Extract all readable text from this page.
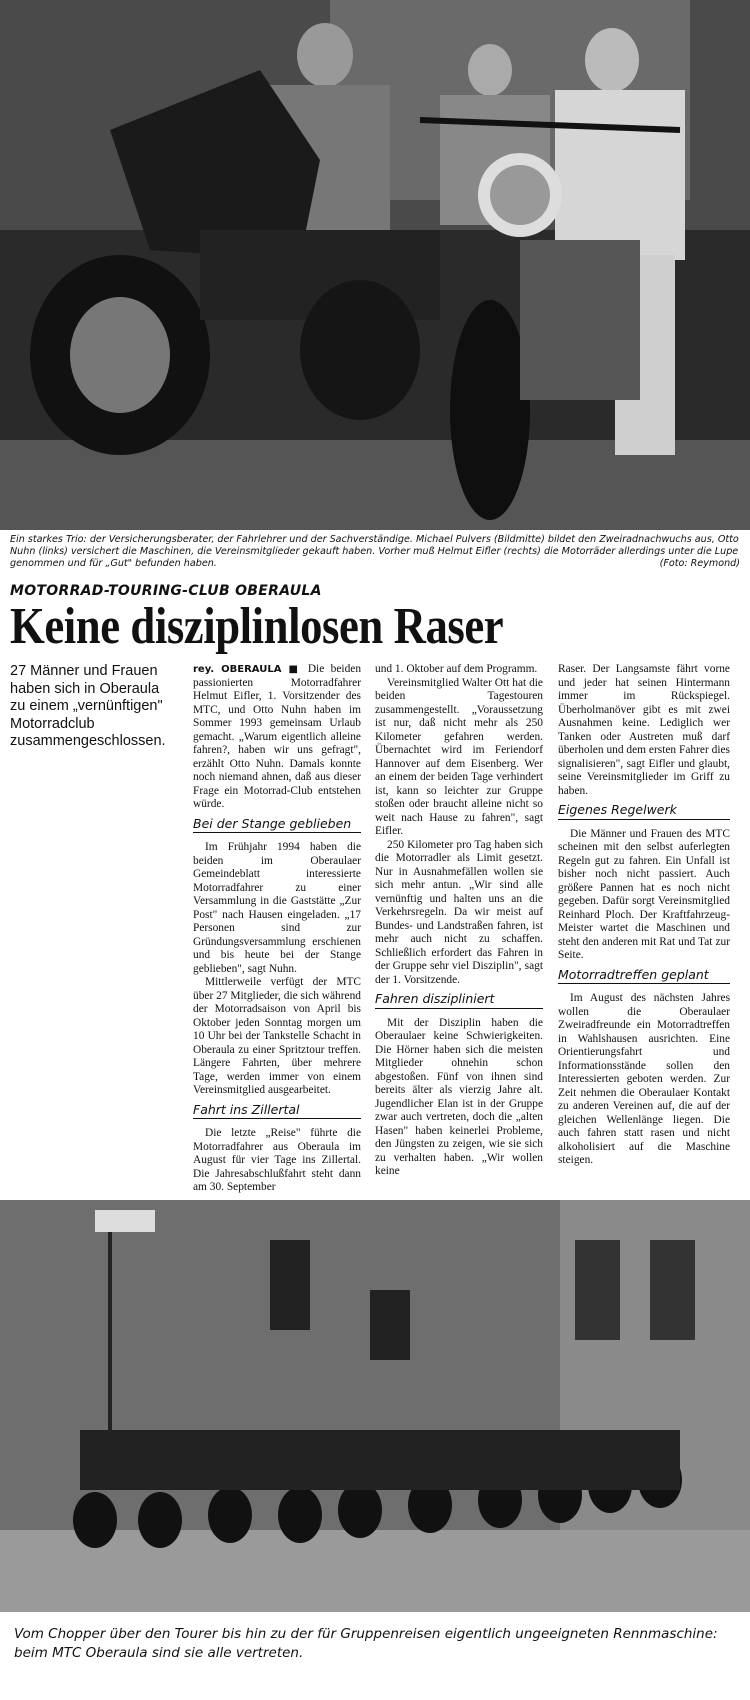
Ein starkes Trio: der Versicherungsberater, der Fahrlehrer und der Sachverständige. Michael Pulvers (Bildmitte) bildet den Zweiradnachwuchs aus, Otto Nuhn (links) versichert die Maschinen, die Vereinsmitglieder gekauft haben. Vorher muß Helmut Eifler (rechts) die Motorräder allerdings unter die Lupe genommen und für „Gut" befunden haben.	(Foto: Reymond)
MOTORRAD-TOURING-CLUB OBERAULA
Keine disziplinlosen Raser
27 Männer und Frauen haben sich in Oberaula zu einem „vernünftigen" Motorradclub zusammengeschlossen.

rey. OBERAULA ■ Die beiden passionierten Motorradfahrer Helmut Eifler, 1. Vorsitzender des MTC, und Otto Nuhn haben im Sommer 1993 gemeinsam Urlaub gemacht. „Warum eigentlich alleine fahren?, haben wir uns gefragt", erzählt Otto Nuhn. Damals konnte noch niemand ahnen, daß aus dieser Frage ein Motorrad-Club entstehen würde.

Bei der Stange geblieben

Im Frühjahr 1994 haben die beiden im Oberaulaer Gemeindeblatt interessierte Motorradfahrer zu einer Versammlung in die Gaststätte „Zur Post" nach Hausen eingeladen. „17 Personen sind zur Gründungsversammlung erschienen und bis heute bei der Stange geblieben", sagt Nuhn.

Mittlerweile verfügt der MTC über 27 Mitglieder, die sich während der Motorradsaison von April bis Oktober jeden Sonntag morgen um 10 Uhr bei der Tankstelle Schacht in Oberaula zu einer Spritztour treffen. Längere Fahrten, über mehrere Tage, werden immer von einem Vereinsmitglied ausgearbeitet.

Fahrt ins Zillertal

Die letzte „Reise" führte die Motorradfahrer aus Oberaula im August für vier Tage ins Zillertal. Die Jahresabschlußfahrt steht dann am 30. September

und 1. Oktober auf dem Programm.

Vereinsmitglied Walter Ott hat die beiden Tagestouren zusammengestellt. „Voraussetzung ist nur, daß nicht mehr als 250 Kilometer gefahren werden. Übernachtet wird im Feriendorf Hannover auf dem Eisenberg. Wer an einem der beiden Tage verhindert ist, kann so leichter zur Gruppe stoßen oder braucht alleine nicht so weit nach Hause zu fahren", sagt Eifler.

250 Kilometer pro Tag haben sich die Motorradler als Limit gesetzt. Nur in Ausnahmefällen wollen sie sich mehr antun. „Wir sind alle vernünftig und halten uns an die Verkehrsregeln. Da wir meist auf Bundes- und Landstraßen fahren, ist mehr auch nicht zu schaffen. Schließlich erfordert das Fahren in der Gruppe sehr viel Disziplin", sagt der 1. Vorsitzende.

Fahren diszipliniert

Mit der Disziplin haben die Oberaulaer keine Schwierigkeiten. Die Hörner haben sich die meisten Mitglieder ohnehin schon abgestoßen. Fünf von ihnen sind bereits älter als vierzig Jahre alt. Jugendlicher Elan ist in der Gruppe zwar auch vertreten, doch die „alten Hasen" haben keinerlei Probleme, den Jüngsten zu zeigen, wie sie sich zu verhalten haben. „Wir wollen keine

Raser. Der Langsamste fährt vorne und jeder hat seinen Hintermann immer im Rückspiegel. Überholmanöver gibt es mit zwei Ausnahmen keine. Lediglich wer Tanken oder Austreten muß darf überholen und dem ersten Fahrer dies signalisieren", sagt Eifler und glaubt, seine Vereinsmitglieder im Griff zu haben.

Eigenes Regelwerk

Die Männer und Frauen des MTC scheinen mit den selbst auferlegten Regeln gut zu fahren. Ein Unfall ist bisher noch nicht passiert. Auch größere Pannen hat es noch nicht gegeben. Dafür sorgt Vereinsmitglied Reinhard Ploch. Der Kraftfahrzeug-Meister wartet die Maschinen und steht den anderen mit Rat und Tat zur Seite.

Motorradtreffen geplant

Im August des nächsten Jahres wollen die Oberaulaer Zweiradfreunde ein Motorradtreffen in Wahlshausen ausrichten. Eine Orientierungsfahrt und Informationsstände sollen den Interessierten geboten werden. Zur Zeit nehmen die Oberaulaer Kontakt zu anderen Vereinen auf, die auf der gleichen Wellenlänge liegen. Die auch fahren statt rasen und nicht alkoholisiert auf die Maschine steigen.

Vom Chopper über den Tourer bis hin zu der für Gruppenreisen eigentlich ungeeigneten Rennmaschine: beim MTC Oberaula sind sie alle vertreten.
